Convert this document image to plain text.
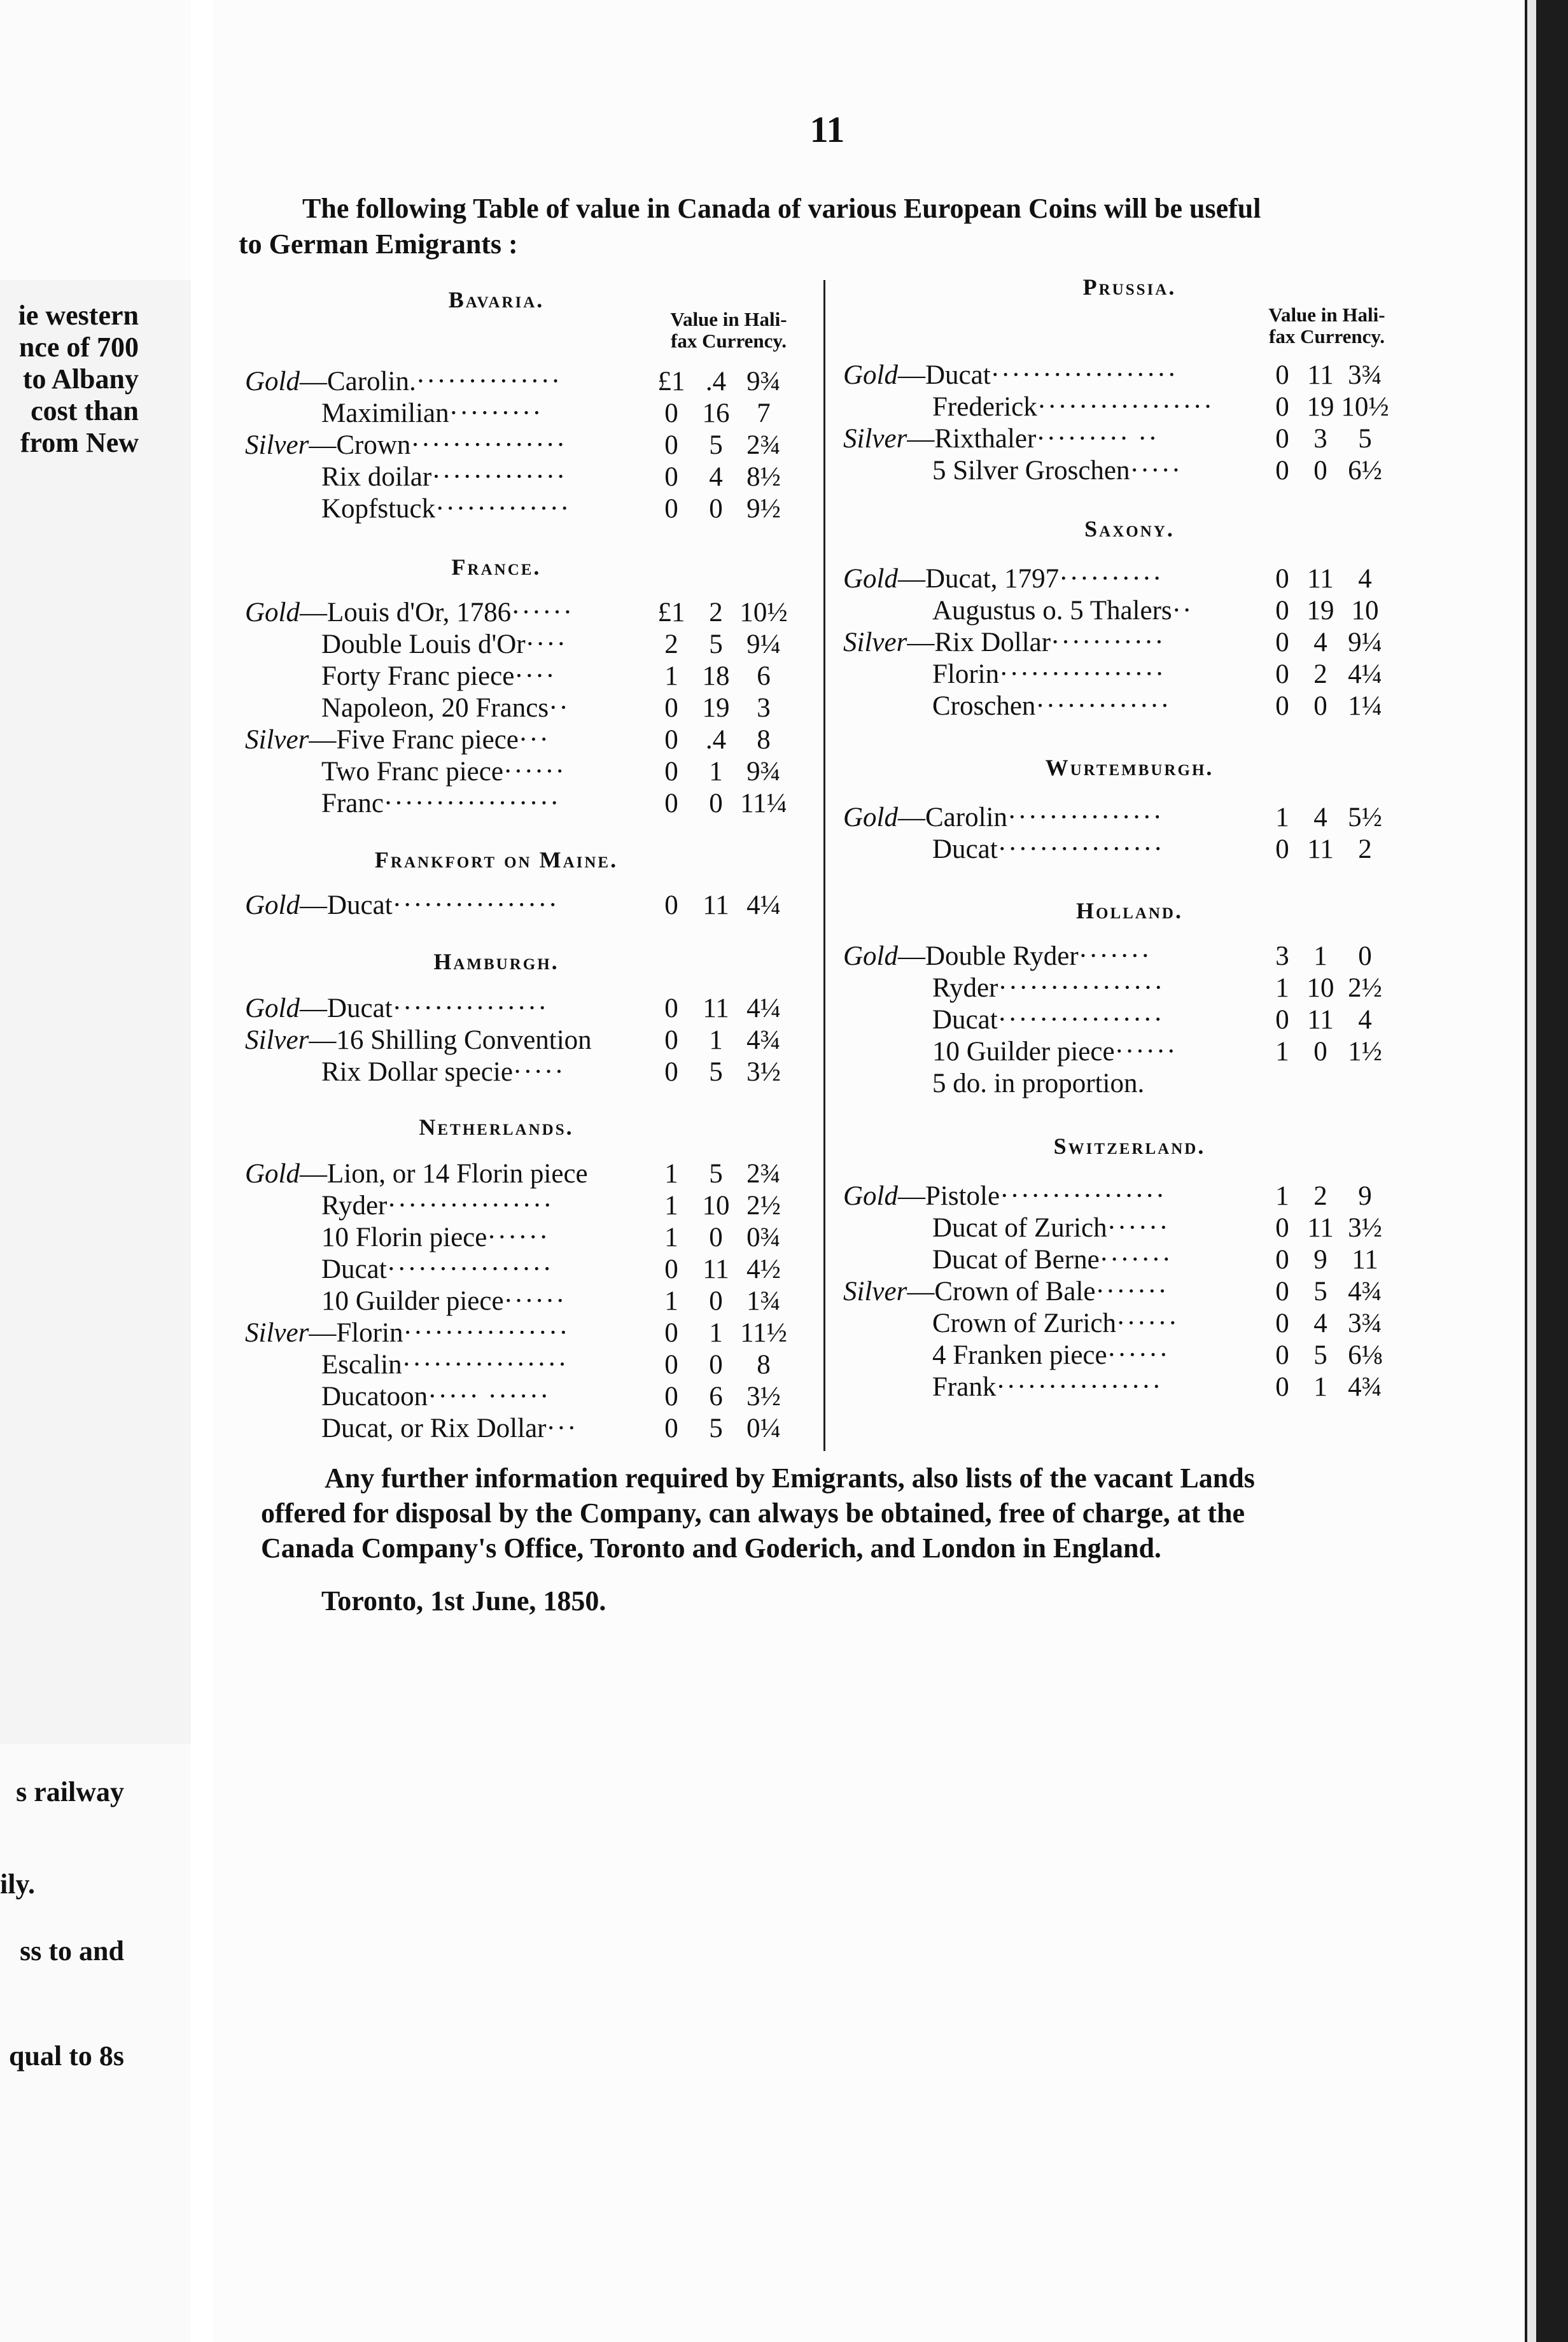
ie western
nce of 700
to Albany
cost than
from New
s railway
ily.
ss to and
qual to 8s
11
The following Table of value in Canada of various European Coins will be useful
to German Emigrants :
Value in Hali-
fax Currency.
Value in Hali-
fax Currency.
Bavaria.
Gold—Carolin.··············	£1 .4 9¾
Maximilian·········	0 16 7
Silver—Crown···············	0	5 2¾
Rix doilar·············	0	4 8½
Kopfstuck·············	0	0 9½
France.
Gold—Louis d'Or, 1786······	£1 2 10½
Double Louis d'Or····	2	5 9¼
Forty Franc piece····	1 18 6
Napoleon, 20 Francs··	0 19 3
Silver—Five Franc piece···	0	.4	8
Two Franc piece······	0	1 9¾
Franc·················	0	0 11¼
Frankfort on Maine.
Gold—Ducat················	0 11 4¼
Hamburgh.
Gold—Ducat···············	0 11 4¼
Silver—16 Shilling Convention	0	1 4¾
Rix Dollar specie·····	0	5 3½
Netherlands.
Gold—Lion, or 14 Florin piece	1	5 2¾
Ryder················	1 10 2½
10 Florin piece······	1	0 0¾
Ducat················	0 11 4½
10 Guilder piece······	1	0 1¾
Silver—Florin················	0	1 11½
Escalin················	0	0	8
Ducatoon····· ······	0	6 3½
Ducat, or Rix Dollar···	0	5 0¼
Prussia.
Gold—Ducat··················	0 11 3¾
Frederick·················	0 19 10½
Silver—Rixthaler········· ··	0 3	5
5 Silver Groschen·····	0 0 6½
Saxony.
Gold—Ducat, 1797··········	0 11 4
Augustus o. 5 Thalers··	0 19 10
Silver—Rix Dollar···········	0 4 9¼
Florin················	0 2 4¼
Croschen·············	0 0 1¼
Wurtemburgh.
Gold—Carolin···············	1 4 5½
Ducat················	0 11 2
Holland.
Gold—Double Ryder·······	3 1	0
Ryder················	1 10 2½
Ducat················	0 11 4
10 Guilder piece······	1 0 1½
5 do. in proportion.
Switzerland.
Gold—Pistole················	1 2	9
Ducat of Zurich······	0 11 3½
Ducat of Berne·······	0 9 11
Silver—Crown of Bale·······	0 5 4¾
Crown of Zurich······	0 4 3¾
4 Franken piece······	0 5 6⅛
Frank················	0 1 4¾
Any further information required by Emigrants, also lists of the vacant Lands
offered for disposal by the Company, can always be obtained, free of charge, at the
Canada Company's Office, Toronto and Goderich, and London in England.
Toronto, 1st June, 1850.
